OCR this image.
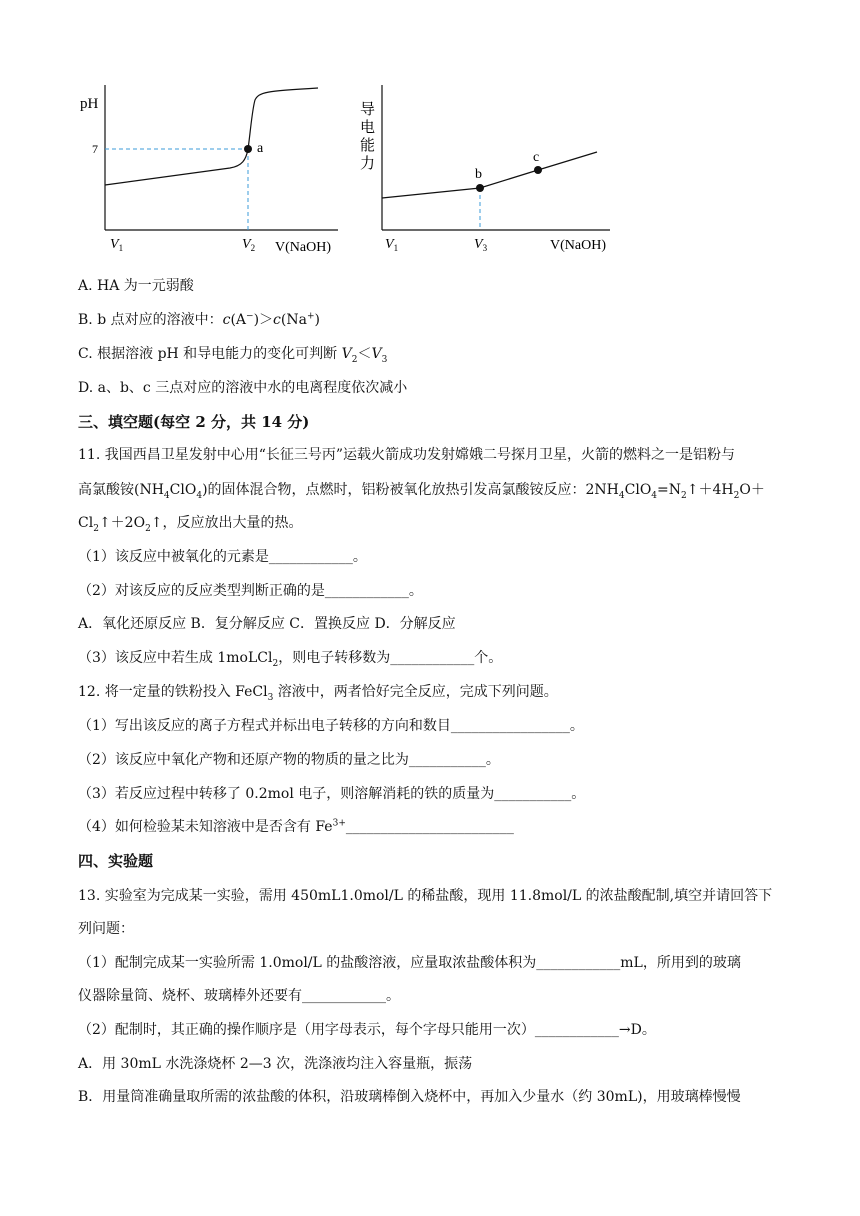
pH
7	a
$V_1$	$V_2$ V(NaOH)
导
电
能
力
b
c
$V_1$	$V_3$	V(NaOH)
A. HA 为一元弱酸
B. b 点对应的溶液中：c(A−)＞c(Na+)
C. 根据溶液 pH 和导电能力的变化可判断 $V_2<V_3$
D. a、b、c 三点对应的溶液中水的电离程度依次减小
三、填空题(每空 2 分，共 14 分)
11. 我国西昌卫星发射中心用“长征三号丙”运载火箭成功发射嫦娥二号探月卫星，火箭的燃料之一是铝粉与
高氯酸铵$(NH_4ClO_4)$的固体混合物，点燃时，铝粉被氧化放热引发高氯酸铵反应：$2NH_4ClO_4=N_2↑+4H_2O+$
$Cl_2↑+2O_2↑$，反应放出大量的热。
（1）该反应中被氧化的元素是____________。
（2）对该反应的反应类型判断正确的是____________。
A．氧化还原反应 B．复分解反应 C．置换反应 D．分解反应
（3）该反应中若生成 1moLCl$_2$，则电子转移数为____________个。
12. 将一定量的铁粉投入 FeCl$_3$ 溶液中，两者恰好完全反应，完成下列问题。
（1）写出该反应的离子方程式并标出电子转移的方向和数目_________________。
（2）该反应中氧化产物和还原产物的物质的量之比为___________。
（3）若反应过程中转移了 0.2mol 电子，则溶解消耗的铁的质量为___________。
（4）如何检验某未知溶液中是否含有 $Fe^{3+}\_\_\_\_\_\_\_\_\_\_\_\_\_\_\_\_\_\_\_\_\_\_\_\_$
四、实验题
13. 实验室为完成某一实验，需用 450mL1.0mol/L 的稀盐酸，现用 11.8mol/L 的浓盐酸配制,填空并请回答下
列问题：
（1）配制完成某一实验所需 1.0mol/L 的盐酸溶液，应量取浓盐酸体积为____________mL，所用到的玻璃
仪器除量筒、烧杯、玻璃棒外还要有____________。
（2）配制时，其正确的操作顺序是（用字母表示，每个字母只能用一次）____________→D。
A．用 30mL 水洗涤烧杯 2—3 次，洗涤液均注入容量瓶，振荡
B．用量筒准确量取所需的浓盐酸的体积，沿玻璃棒倒入烧杯中，再加入少量水（约 30mL)，用玻璃棒慢慢
